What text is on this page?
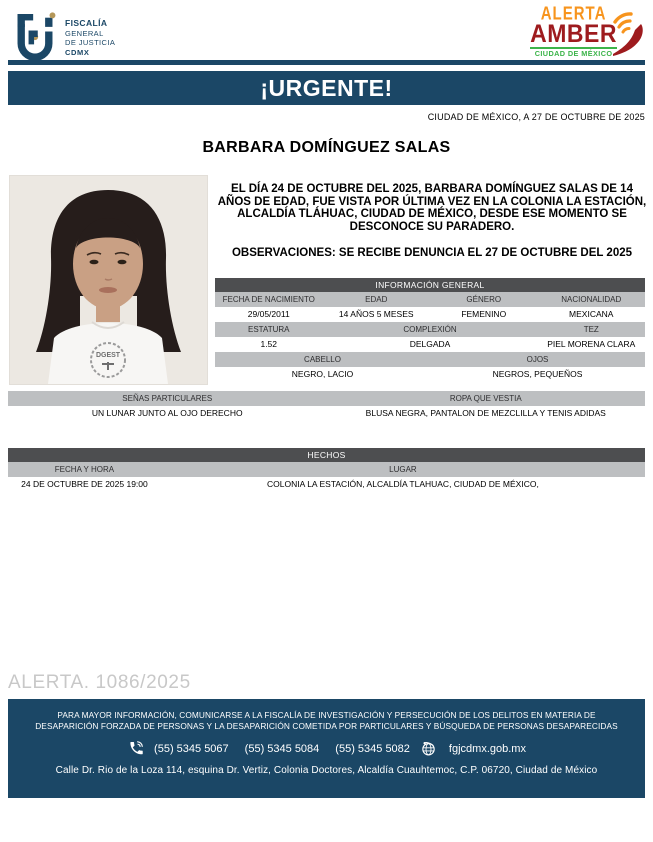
FISCALÍA
GENERAL
DE JUSTICIA
CDMX
ALERTA
AMBER
CIUDAD DE MÉXICO
¡URGENTE!
CIUDAD DE MÉXICO, A 27 DE OCTUBRE DE 2025
BARBARA DOMÍNGUEZ SALAS
DGEST

EL DÍA 24 DE OCTUBRE DEL 2025, BARBARA DOMÍNGUEZ SALAS DE 14 AÑOS DE EDAD, FUE VISTA POR ÚLTIMA VEZ EN LA COLONIA LA ESTACIÓN, ALCALDÍA TLÁHUAC, CIUDAD DE MÉXICO, DESDE ESE MOMENTO SE DESCONOCE SU PARADERO.

OBSERVACIONES: SE RECIBE DENUNCIA EL 27 DE OCTUBRE DEL 2025

INFORMACIÓN GENERAL
FECHA DE NACIMIENTO	EDAD	GÉNERO	NACIONALIDAD
29/05/2011	14 AÑOS 5 MESES	FEMENINO	MEXICANA
ESTATURA	COMPLEXIÓN	TEZ
1.52	DELGADA	PIEL MORENA CLARA
CABELLO	OJOS
NEGRO, LACIO	NEGROS, PEQUEÑOS
SEÑAS PARTICULARES	ROPA QUE VESTIA
UN LUNAR JUNTO AL OJO DERECHO	BLUSA NEGRA, PANTALON DE MEZCLILLA Y TENIS ADIDAS
HECHOS
FECHA Y HORA	LUGAR
24 DE OCTUBRE DE 2025 19:00	COLONIA LA ESTACIÓN, ALCALDÍA TLAHUAC, CIUDAD DE MÉXICO,
ALERTA. 1086/2025

PARA MAYOR INFORMACIÓN, COMUNICARSE A LA FISCALÍA DE INVESTIGACIÓN Y PERSECUCIÓN DE LOS DELITOS EN MATERIA DE DESAPARICIÓN FORZADA DE PERSONAS Y LA DESAPARICIÓN COMETIDA POR PARTICULARES Y BÚSQUEDA DE PERSONAS DESAPARECIDAS

(55) 5345 5067 (55) 5345 5084 (55) 5345 5082	fgjcdmx.gob.mx

Calle Dr. Rio de la Loza 114, esquina Dr. Vertiz, Colonia Doctores, Alcaldía Cuauhtemoc, C.P. 06720, Ciudad de México
